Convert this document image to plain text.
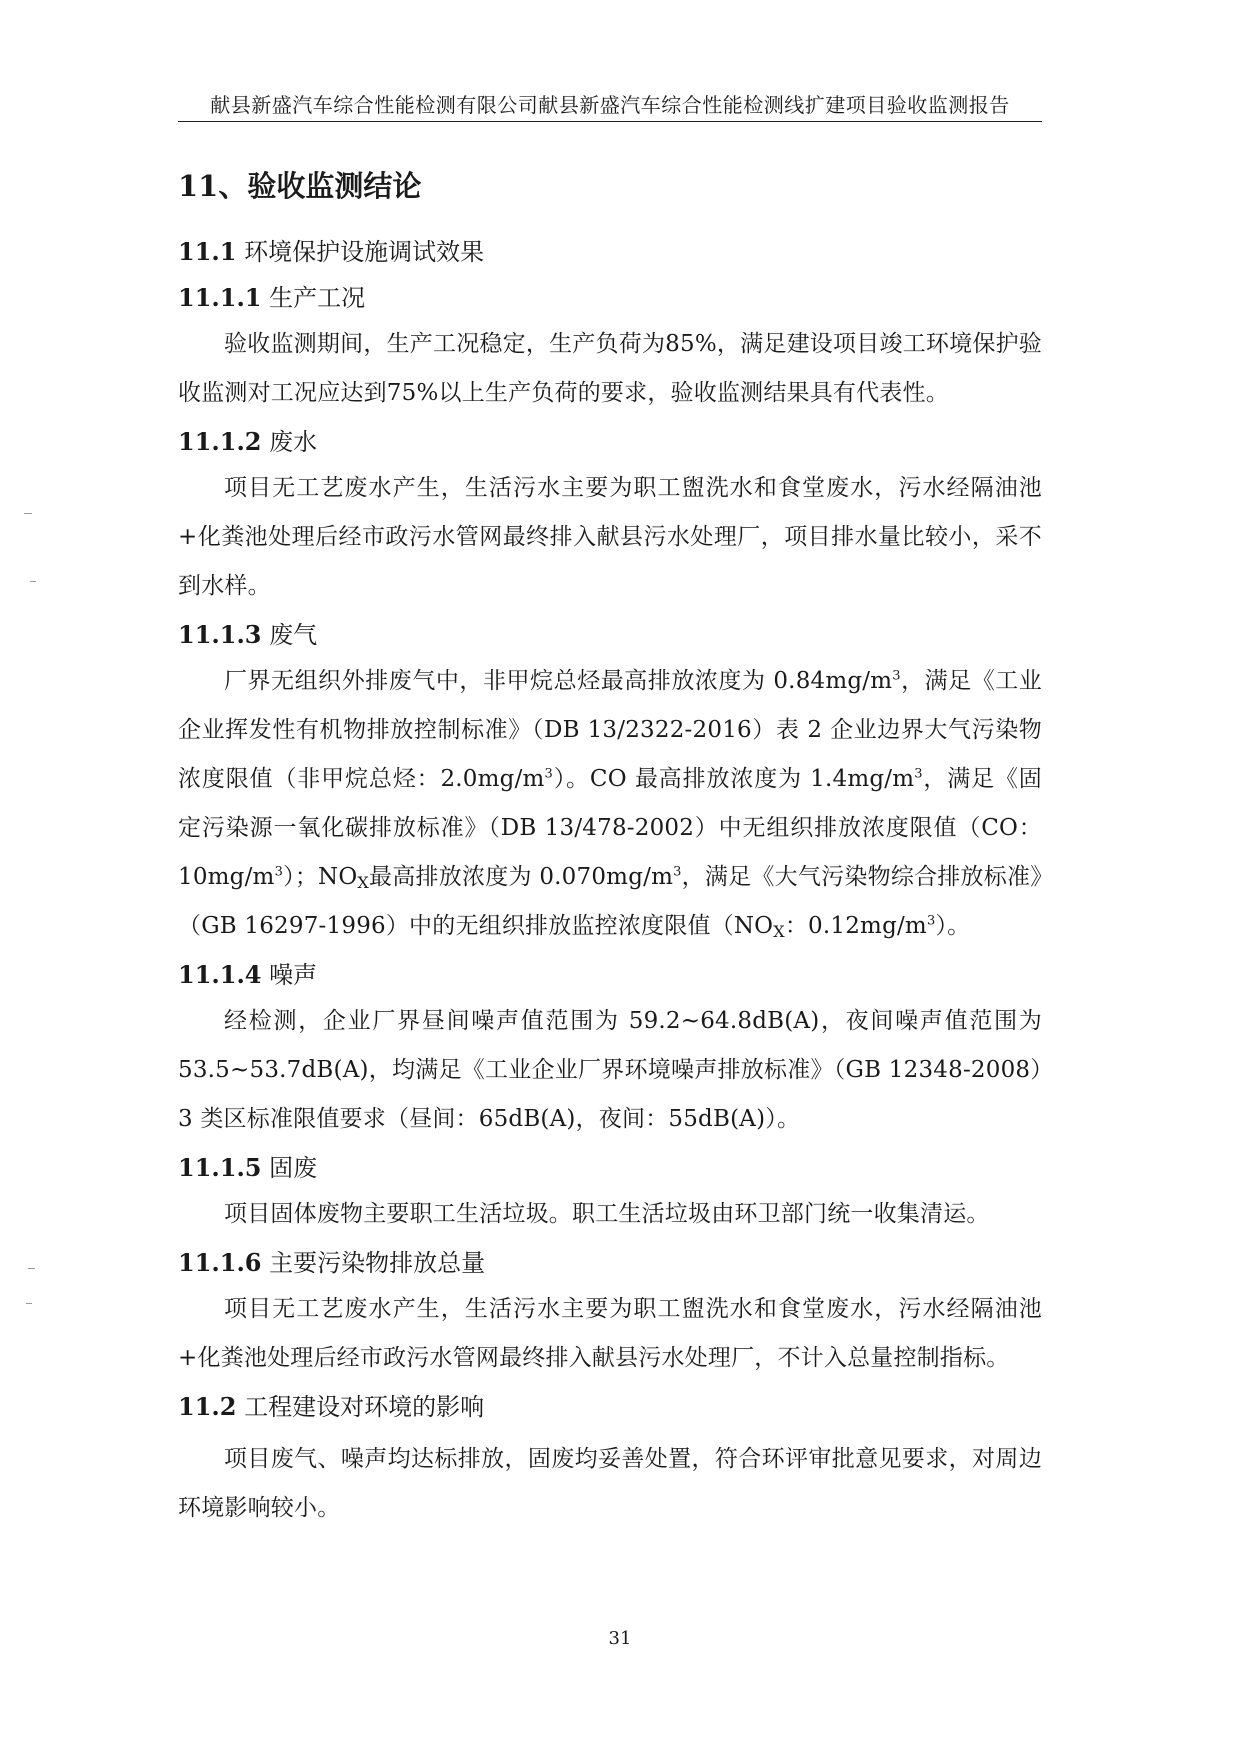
献县新盛汽车综合性能检测有限公司献县新盛汽车综合性能检测线扩建项目验收监测报告
11、验收监测结论
11.1 环境保护设施调试效果
11.1.1 生产工况

验收监测期间，生产工况稳定，生产负荷为85%，满足建设项目竣工环境保护验收监测对工况应达到75%以上生产负荷的要求，验收监测结果具有代表性。

11.1.2 废水

项目无工艺废水产生，生活污水主要为职工盥洗水和食堂废水，污水经隔油池+化粪池处理后经市政污水管网最终排入献县污水处理厂，项目排水量比较小，采不到水样。

11.1.3 废气

厂界无组织外排废气中，非甲烷总烃最高排放浓度为 $0.84mg/m^3$，满足《工业企业挥发性有机物排放控制标准》（DB 13/2322-2016）表 2 企业边界大气污染物浓度限值（非甲烷总烃：$2.0mg/m^3$）。CO 最高排放浓度为 $1.4mg/m^3$，满足《固定污染源一氧化碳排放标准》（DB 13/478-2002）中无组织排放浓度限值（CO：$10mg/m^3$）；$NO_X$最高排放浓度为 $0.070mg/m^3$，满足《大气污染物综合排放标准》（GB 16297-1996）中的无组织排放监控浓度限值（$NO_X$：$0.12mg/m^3$）。

11.1.4 噪声

经检测，企业厂界昼间噪声值范围为 59.2~64.8dB(A)，夜间噪声值范围为 53.5~53.7dB(A)，均满足《工业企业厂界环境噪声排放标准》（GB 12348-2008）3 类区标准限值要求（昼间：65dB(A)，夜间：55dB(A)）。

11.1.5 固废

项目固体废物主要职工生活垃圾。职工生活垃圾由环卫部门统一收集清运。

11.1.6 主要污染物排放总量

项目无工艺废水产生，生活污水主要为职工盥洗水和食堂废水，污水经隔油池+化粪池处理后经市政污水管网最终排入献县污水处理厂，不计入总量控制指标。

11.2 工程建设对环境的影响

项目废气、噪声均达标排放，固废均妥善处置，符合环评审批意见要求，对周边环境影响较小。

31
